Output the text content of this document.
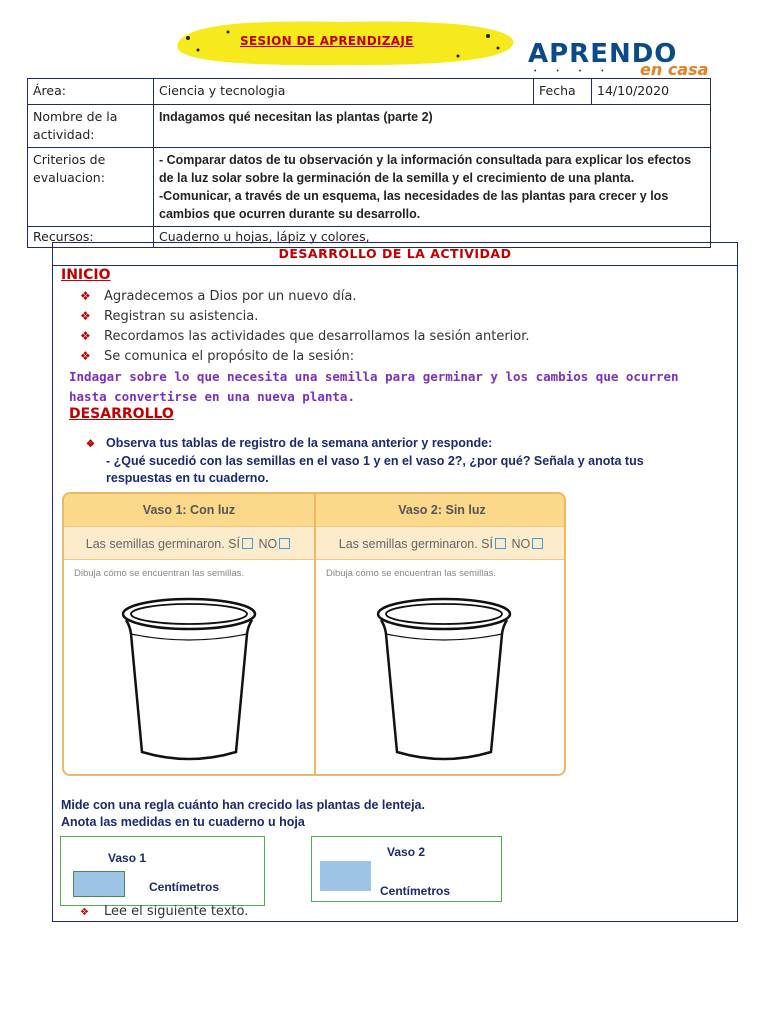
SESION DE APRENDIZAJE	APRENDO
• • • • en casa
Área:	Ciencia y tecnologia	Fecha	14/10/2020
Nombre de la actividad:	Indagamos qué necesitan las plantas (parte 2)		
Criterios de evaluacion:	- Comparar datos de tu observación y la información consultada para explicar los efectos de la luz solar sobre la germinación de la semilla y el crecimiento de una planta.
-Comunicar, a través de un esquema, las necesidades de las plantas para crecer y los cambios que ocurren durante su desarrollo.		

Recursos:	Cuaderno u hojas, lápiz y colores,		
DESARROLLO DE LA ACTIVIDAD
INICIO
❖ Agradecemos a Dios por un nuevo día.
❖ Registran su asistencia.
❖ Recordamos las actividades que desarrollamos la sesión anterior.
❖ Se comunica el propósito de la sesión:
Indagar sobre lo que necesita una semilla para germinar y los cambios que ocurren hasta convertirse en una nueva planta.
DESARROLLO
❖ Observa tus tablas de registro de la semana anterior y responde:
- ¿Qué sucedió con las semillas en el vaso 1 y en el vaso 2?, ¿por qué? Señala y anota tus respuestas en tu cuaderno.
Vaso 1: Con luz	Vaso 2: Sin luz
Las semillas germinaron. SÍ NO	Las semillas germinaron. SÍ NO
Dibuja cómo se encuentran las semillas.	Dibuja cómo se encuentran las semillas.
Mide con una regla cuánto han crecido las plantas de lenteja.
Anota las medidas en tu cuaderno u hoja
Vaso 1
Centímetros
Vaso 2
Centímetros
❖ Lee el siguiente texto.
